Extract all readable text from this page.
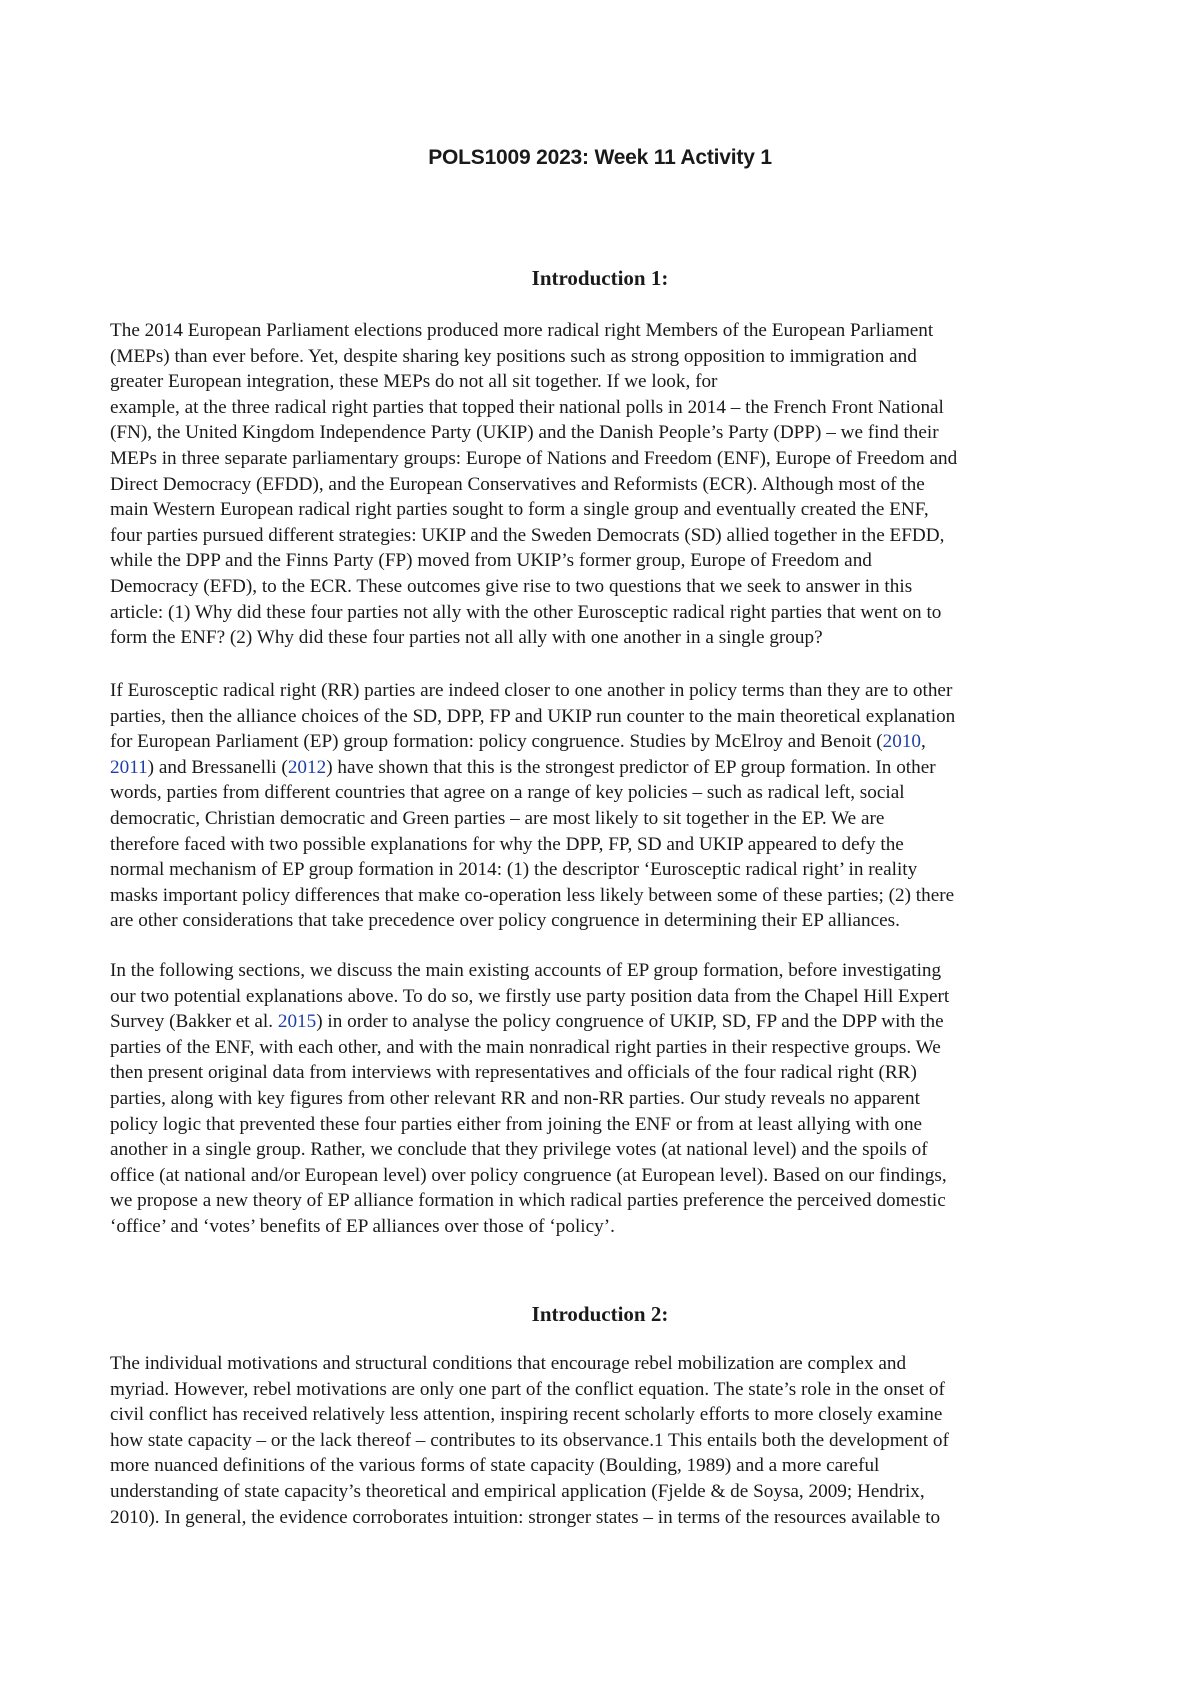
POLS1009 2023: Week 11 Activity 1
Introduction 1:

The 2014 European Parliament elections produced more radical right Members of the European Parliament
(MEPs) than ever before. Yet, despite sharing key positions such as strong opposition to immigration and
greater European integration, these MEPs do not all sit together. If we look, for
example, at the three radical right parties that topped their national polls in 2014 – the French Front National
(FN), the United Kingdom Independence Party (UKIP) and the Danish People’s Party (DPP) – we find their
MEPs in three separate parliamentary groups: Europe of Nations and Freedom (ENF), Europe of Freedom and
Direct Democracy (EFDD), and the European Conservatives and Reformists (ECR). Although most of the
main Western European radical right parties sought to form a single group and eventually created the ENF,
four parties pursued different strategies: UKIP and the Sweden Democrats (SD) allied together in the EFDD,
while the DPP and the Finns Party (FP) moved from UKIP’s former group, Europe of Freedom and
Democracy (EFD), to the ECR. These outcomes give rise to two questions that we seek to answer in this
article: (1) Why did these four parties not ally with the other Eurosceptic radical right parties that went on to
form the ENF? (2) Why did these four parties not all ally with one another in a single group?

If Eurosceptic radical right (RR) parties are indeed closer to one another in policy terms than they are to other
parties, then the alliance choices of the SD, DPP, FP and UKIP run counter to the main theoretical explanation
for European Parliament (EP) group formation: policy congruence. Studies by McElroy and Benoit (2010,
2011) and Bressanelli (2012) have shown that this is the strongest predictor of EP group formation. In other
words, parties from different countries that agree on a range of key policies – such as radical left, social
democratic, Christian democratic and Green parties – are most likely to sit together in the EP. We are
therefore faced with two possible explanations for why the DPP, FP, SD and UKIP appeared to defy the
normal mechanism of EP group formation in 2014: (1) the descriptor ‘Eurosceptic radical right’ in reality
masks important policy differences that make co-operation less likely between some of these parties; (2) there
are other considerations that take precedence over policy congruence in determining their EP alliances.

In the following sections, we discuss the main existing accounts of EP group formation, before investigating
our two potential explanations above. To do so, we firstly use party position data from the Chapel Hill Expert
Survey (Bakker et al. 2015) in order to analyse the policy congruence of UKIP, SD, FP and the DPP with the
parties of the ENF, with each other, and with the main nonradical right parties in their respective groups. We
then present original data from interviews with representatives and officials of the four radical right (RR)
parties, along with key figures from other relevant RR and non-RR parties. Our study reveals no apparent
policy logic that prevented these four parties either from joining the ENF or from at least allying with one
another in a single group. Rather, we conclude that they privilege votes (at national level) and the spoils of
office (at national and/or European level) over policy congruence (at European level). Based on our findings,
we propose a new theory of EP alliance formation in which radical parties preference the perceived domestic
‘office’ and ‘votes’ benefits of EP alliances over those of ‘policy’.

Introduction 2:

The individual motivations and structural conditions that encourage rebel mobilization are complex and
myriad. However, rebel motivations are only one part of the conflict equation. The state’s role in the onset of
civil conflict has received relatively less attention, inspiring recent scholarly efforts to more closely examine
how state capacity – or the lack thereof – contributes to its observance.1 This entails both the development of
more nuanced definitions of the various forms of state capacity (Boulding, 1989) and a more careful
understanding of state capacity’s theoretical and empirical application (Fjelde & de Soysa, 2009; Hendrix,
2010). In general, the evidence corroborates intuition: stronger states – in terms of the resources available to
